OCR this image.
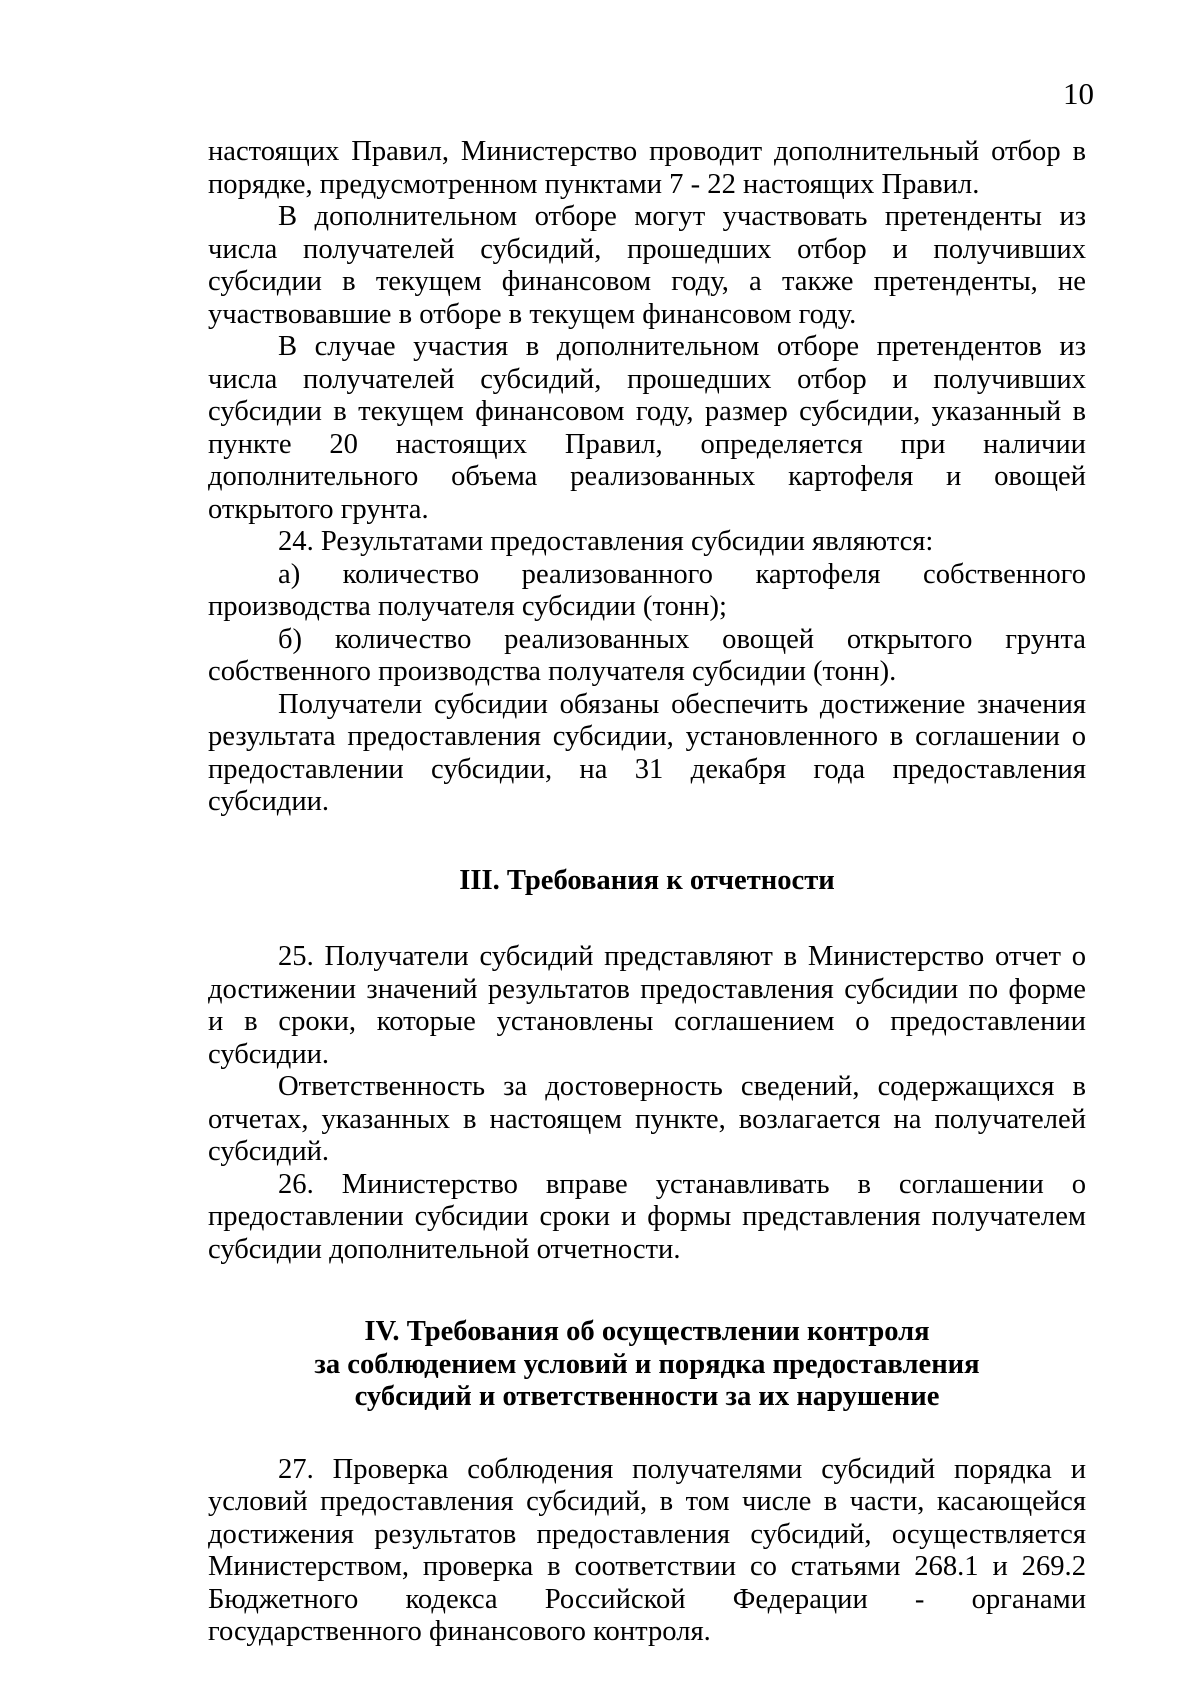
10

настоящих Правил, Министерство проводит дополнительный отбор в порядке, предусмотренном пунктами 7 - 22 настоящих Правил.

В дополнительном отборе могут участвовать претенденты из числа получателей субсидий, прошедших отбор и получивших субсидии в текущем финансовом году, а также претенденты, не участвовавшие в отборе в текущем финансовом году.

В случае участия в дополнительном отборе претендентов из числа получателей субсидий, прошедших отбор и получивших субсидии в текущем финансовом году, размер субсидии, указанный в пункте 20 настоящих Правил, определяется при наличии дополнительного объема реализованных картофеля и овощей открытого грунта.

24. Результатами предоставления субсидии являются:

а) количество реализованного картофеля собственного производства получателя субсидии (тонн);

б) количество реализованных овощей открытого грунта собственного производства получателя субсидии (тонн).

Получатели субсидии обязаны обеспечить достижение значения результата предоставления субсидии, установленного в соглашении о предоставлении субсидии, на 31 декабря года предоставления субсидии.

III. Требования к отчетности

25. Получатели субсидий представляют в Министерство отчет о достижении значений результатов предоставления субсидии по форме и в сроки, которые установлены соглашением о предоставлении субсидии.

Ответственность за достоверность сведений, содержащихся в отчетах, указанных в настоящем пункте, возлагается на получателей субсидий.

26. Министерство вправе устанавливать в соглашении о предоставлении субсидии сроки и формы представления получателем субсидии дополнительной отчетности.

IV. Требования об осуществлении контроля
за соблюдением условий и порядка предоставления
субсидий и ответственности за их нарушение

27. Проверка соблюдения получателями субсидий порядка и условий предоставления субсидий, в том числе в части, касающейся достижения результатов предоставления субсидий, осуществляется Министерством, проверка в соответствии со статьями 268.1 и 269.2 Бюджетного кодекса Российской Федерации - органами государственного финансового контроля.
